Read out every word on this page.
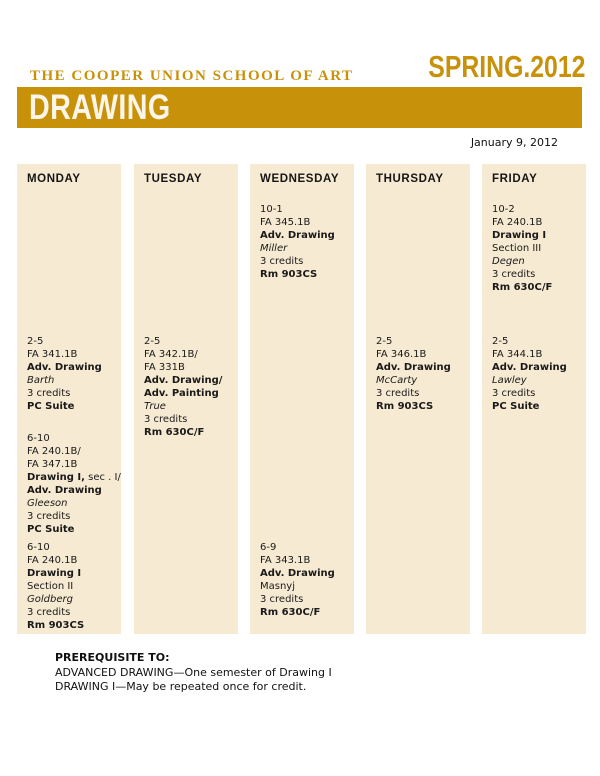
THE COOPER UNION SCHOOL OF ART SPRING.2012
DRAWING
January 9, 2012
MONDAY
2-5
FA 341.1B
Adv. Drawing
Barth
3 credits
PC Suite
6-10
FA 240.1B/
FA 347.1B
Drawing I, sec . I/
Adv. Drawing
Gleeson
3 credits
PC Suite
6-10
FA 240.1B
Drawing I
Section II
Goldberg
3 credits
Rm 903CS
TUESDAY
2-5
FA 342.1B/
FA 331B
Adv. Drawing/
Adv. Painting
True
3 credits
Rm 630C/F
WEDNESDAY
10-1
FA 345.1B
Adv. Drawing
Miller
3 credits
Rm 903CS
6-9
FA 343.1B
Adv. Drawing
Masnyj
3 credits
Rm 630C/F
THURSDAY
2-5
FA 346.1B
Adv. Drawing
McCarty
3 credits
Rm 903CS
FRIDAY
10-2
FA 240.1B
Drawing I
Section III
Degen
3 credits
Rm 630C/F
2-5
FA 344.1B
Adv. Drawing
Lawley
3 credits
PC Suite
PREREQUISITE TO:
ADVANCED DRAWING—One semester of Drawing I
DRAWING I—May be repeated once for credit.
